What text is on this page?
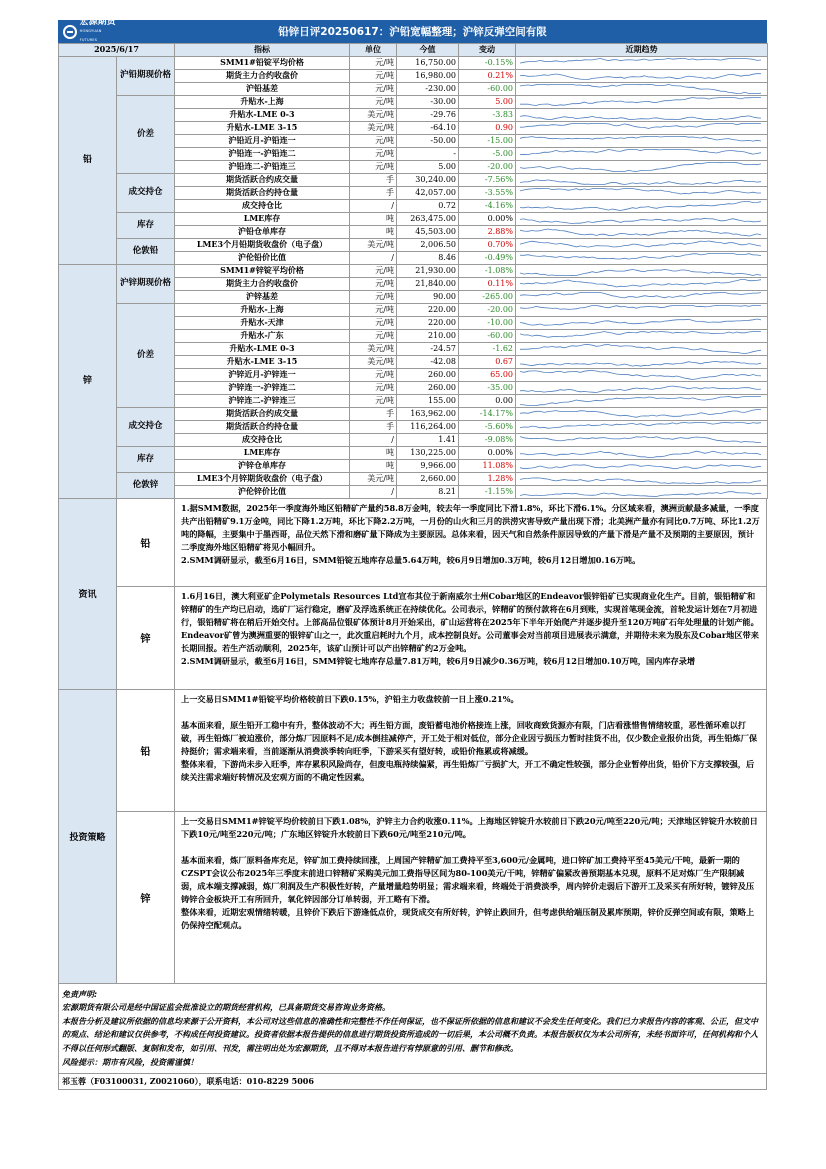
宏源期货
HONGYUAN FUTURES
铅锌日评20250617：沪铅宽幅整理；沪锌反弹空间有限
2025/6/17		指标	单位	今值	变动	近期趋势
铅	沪铅期现价格	SMM1#铅锭平均价格	元/吨	16,750.00	-0.15%	

		期货主力合约收盘价	元/吨	16,980.00	0.21%	

		沪铅基差	元/吨	-230.00	-60.00	

	价差	升贴水-上海	元/吨	-30.00	5.00	

		升贴水-LME 0-3	美元/吨	-29.76	-3.83	

		升贴水-LME 3-15	美元/吨	-64.10	0.90	

		沪铅近月-沪铅连一	元/吨	-50.00	-15.00	

		沪铅连一-沪铅连二	元/吨	-	-5.00	

		沪铅连二-沪铅连三	元/吨	5.00	-20.00	

	成交持仓	期货活跃合约成交量	手	30,240.00	-7.56%	

		期货活跃合约持仓量	手	42,057.00	-3.55%	

		成交持仓比	/	0.72	-4.16%	

	库存	LME库存	吨	263,475.00	0.00%	

		沪铅仓单库存	吨	45,503.00	2.88%	

	伦敦铅	LME3个月铅期货收盘价（电子盘）	美元/吨	2,006.50	0.70%	

		沪伦铅价比值	/	8.46	-0.49%	

锌	沪锌期现价格	SMM1#锌锭平均价格	元/吨	21,930.00	-1.08%	

		期货主力合约收盘价	元/吨	21,840.00	0.11%	

		沪锌基差	元/吨	90.00	-265.00	

	价差	升贴水-上海	元/吨	220.00	-20.00	

		升贴水-天津	元/吨	220.00	-10.00	

		升贴水-广东	元/吨	210.00	-60.00	

		升贴水-LME 0-3	美元/吨	-24.57	-1.62	

		升贴水-LME 3-15	美元/吨	-42.08	0.67	

		沪锌近月-沪锌连一	元/吨	260.00	65.00	

		沪锌连一-沪锌连二	元/吨	260.00	-35.00	

		沪锌连二-沪锌连三	元/吨	155.00	0.00	

	成交持仓	期货活跃合约成交量	手	163,962.00	-14.17%	

		期货活跃合约持仓量	手	116,264.00	-5.60%	

		成交持仓比	/	1.41	-9.08%	

	库存	LME库存	吨	130,225.00	0.00%	

		沪锌仓单库存	吨	9,966.00	11.08%	

	伦敦锌	LME3个月锌期货收盘价（电子盘）	美元/吨	2,660.00	1.28%	

		沪伦锌价比值	/	8.21	-1.15%	
资讯
铅
1.据SMM数据，2025年一季度海外地区铅精矿产量约58.8万金吨，较去年一季度同比下滑1.8%，环比下滑6.1%。分区域来看，澳洲贡献最多减量，一季度共产出铅精矿9.1万金吨，同比下降1.2万吨，环比下降2.2万吨，一月份的山火和三月的洪涝灾害导致产量出现下滑；北美洲产量亦有同比0.7万吨、环比1.2万吨的降幅，主要集中于墨西哥，品位天然下滑和磨矿量下降成为主要原因。总体来看，因天气和自然条件原因导致的产量下滑是产量不及预期的主要原因，预计二季度海外地区铅精矿将见小幅回升。
2.SMM调研显示，截至6月16日，SMM铅锭五地库存总量5.64万吨，较6月9日增加0.3万吨，较6月12日增加0.16万吨。
锌
1.6月16日，澳大利亚矿企Polymetals Resources Ltd宣布其位于新南威尔士州Cobar地区的Endeavor银锌铅矿已实现商业化生产。目前，银铅精矿和锌精矿的生产均已启动，选矿厂运行稳定，磨矿及浮选系统正在持续优化。公司表示，锌精矿的预付款将在6月到账，实现首笔现金流，首轮发运计划在7月初进行，银铅精矿将在稍后开始交付。上部高品位银矿体预计8月开始采出，矿山运营将在2025年下半年开始爬产并逐步提升至120万吨矿石年处理量的计划产能。Endeavor矿曾为澳洲重要的银锌矿山之一，此次重启耗时九个月，成本控制良好。公司董事会对当前项目进展表示满意，并期待未来为股东及Cobar地区带来长期回报。若生产活动顺利，2025年，该矿山预计可以产出锌精矿约2万金吨。
2.SMM调研显示，截至6月16日，SMM锌锭七地库存总量7.81万吨，较6月9日减少0.36万吨，较6月12日增加0.10万吨，国内库存录增
投资策略
铅
上一交易日SMM1#铅锭平均价格较前日下跌0.15%，沪铅主力收盘较前一日上涨0.21%。

基本面来看，原生铅开工稳中有升，整体波动不大；再生铅方面，废铅蓄电池价格接连上涨，回收商致货源亦有限，门店看涨惜售情绪较重，恶性循环难以打破，再生铅炼厂被迫涨价，部分炼厂因原料不足/成本倒挂减停产，开工处于相对低位，部分企业因亏损压力暂时挂货不出，仅少数企业报价出货，再生铅炼厂保持挺价；需求端来看，当前逐渐从消费淡季转向旺季，下游采买有望好转，或铅价拖累或将减缓。
整体来看，下游尚未步入旺季，库存累积风险尚存，但废电瓶持续偏紧，再生铅炼厂亏损扩大，开工不确定性较强，部分企业暂停出货，铅价下方支撑较强，后续关注需求端好转情况及宏观方面的不确定性因素。
锌
上一交易日SMM1#锌锭平均价较前日下跌1.08%，沪锌主力合约收涨0.11%。上海地区锌锭升水较前日下跌20元/吨至220元/吨；天津地区锌锭升水较前日下跌10元/吨至220元/吨；广东地区锌锭升水较前日下跌60元/吨至210元/吨。

基本面来看，炼厂原料备库充足，锌矿加工费持续回涨，上周国产锌精矿加工费持平至3,600元/金属吨，进口锌矿加工费持平至45美元/干吨，最新一期的CZSPT会议公布2025年三季度末前进口锌精矿采购美元加工费指导区间为80-100美元/干吨，锌精矿偏紧改善预期基本兑现，原料不足对炼厂生产限制减弱，成本端支撑减弱，炼厂利润及生产积极性好转，产量增量趋势明显；需求端来看，终端处于消费淡季，周内锌价走弱后下游开工及采买有所好转，镀锌及压铸锌合金板块开工有所回升，氧化锌因部分订单转弱，开工略有下滑。
整体来看，近期宏观情绪转暖，且锌价下跌后下游逢低点价，现货成交有所好转，沪锌止跌回升，但考虑供给端压制及累库预期，锌价反弹空间或有限，策略上仍保持空配观点。
免责声明:
宏源期货有限公司是经中国证监会批准设立的期货经营机构，已具备期货交易咨询业务资格。
本报告分析及建议所依据的信息均来源于公开资料，本公司对这些信息的准确性和完整性不作任何保证，也不保证所依据的信息和建议不会发生任何变化。我们已力求报告内容的客观、公正，但文中的观点、结论和建议仅供参考，不构成任何投资建议。投资者依据本报告提供的信息进行期货投资所造成的一切后果，本公司概不负责。本报告版权仅为本公司所有，未经书面许可，任何机构和个人不得以任何形式翻版、复制和发布，如引用、刊发，需注明出处为宏源期货，且不得对本报告进行有悖原意的引用、删节和修改。
风险提示：期市有风险，投资需谨慎！
祁玉蓉（F03100031, Z0021060），联系电话：010-8229 5006
